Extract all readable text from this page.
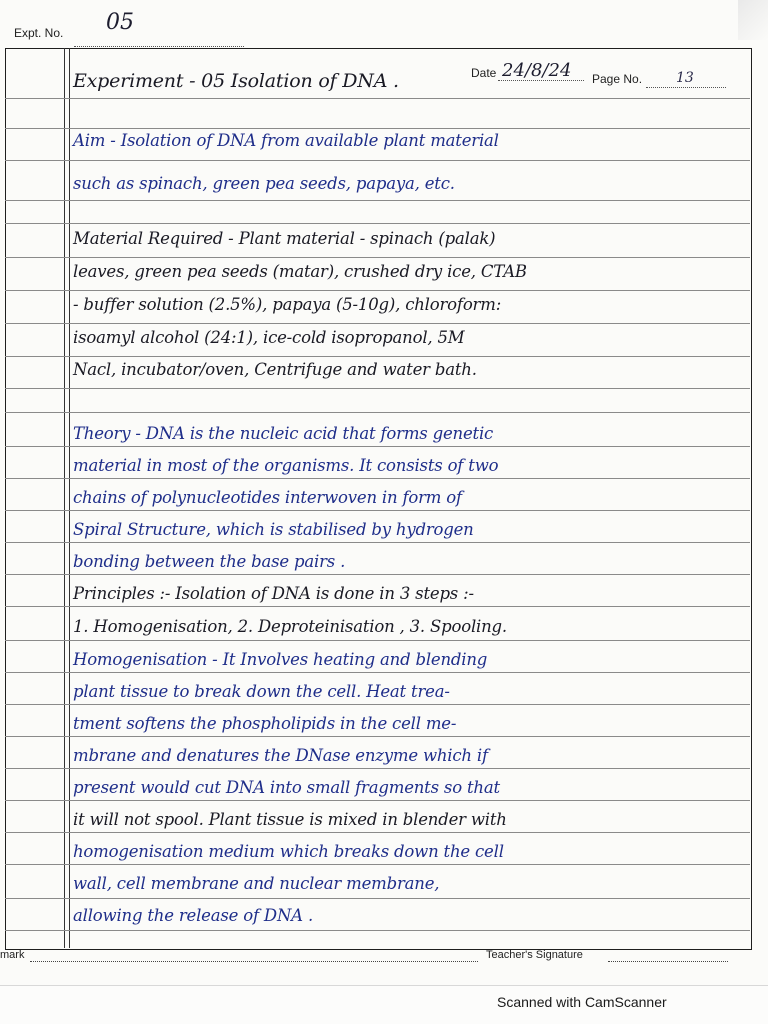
Expt. No. 05
Date 24/8/24 Page No. 13
Experiment - 05 Isolation of DNA .
Aim - Isolation of DNA from available plant material
such as spinach, green pea seeds, papaya, etc.
Material Required - Plant material - spinach (palak)
leaves, green pea seeds (matar), crushed dry ice, CTAB
- buffer solution (2.5%), papaya (5-10g), chloroform:
isoamyl alcohol (24:1), ice-cold isopropanol, 5M
Nacl, incubator/oven, Centrifuge and water bath.
Theory - DNA is the nucleic acid that forms genetic
material in most of the organisms. It consists of two
chains of polynucleotides interwoven in form of
Spiral Structure, which is stabilised by hydrogen
bonding between the base pairs .
Principles :- Isolation of DNA is done in 3 steps :-
1. Homogenisation, 2. Deproteinisation , 3. Spooling.
Homogenisation - It Involves heating and blending
plant tissue to break down the cell. Heat trea-
tment softens the phospholipids in the cell me-
mbrane and denatures the DNase enzyme which if
present would cut DNA into small fragments so that
it will not spool. Plant tissue is mixed in blender with
homogenisation medium which breaks down the cell
wall, cell membrane and nuclear membrane,
allowing the release of DNA .
mark	Teacher's Signature
Scanned with CamScanner
